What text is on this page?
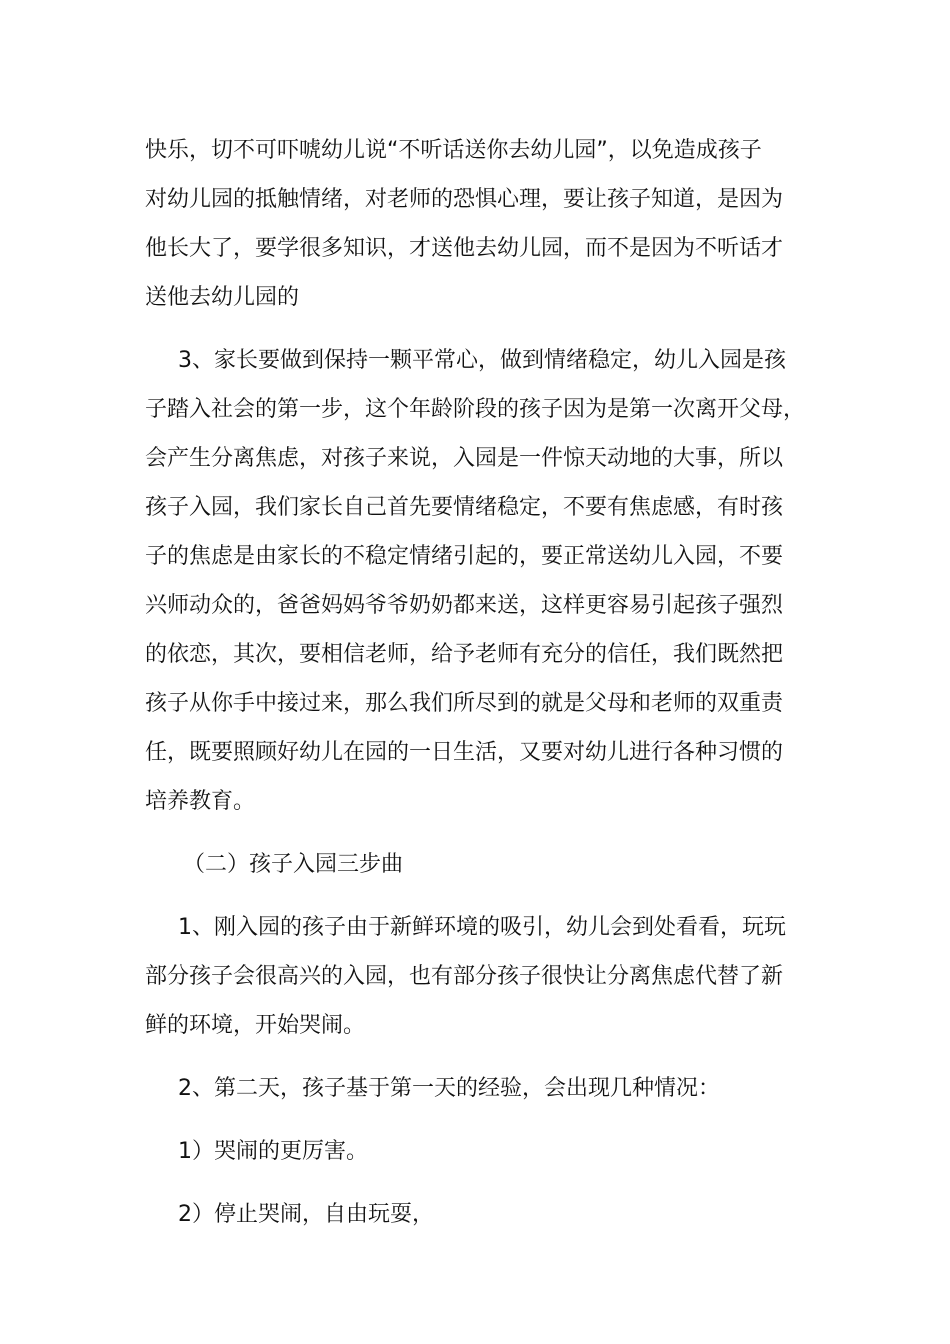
快乐，切不可吓唬幼儿说“不听话送你去幼儿园”，以免造成孩子
对幼儿园的抵触情绪，对老师的恐惧心理，要让孩子知道，是因为
他长大了，要学很多知识，才送他去幼儿园，而不是因为不听话才
送他去幼儿园的
3、家长要做到保持一颗平常心，做到情绪稳定，幼儿入园是孩
子踏入社会的第一步，这个年龄阶段的孩子因为是第一次离开父母，
会产生分离焦虑，对孩子来说，入园是一件惊天动地的大事，所以
孩子入园，我们家长自己首先要情绪稳定，不要有焦虑感，有时孩
子的焦虑是由家长的不稳定情绪引起的，要正常送幼儿入园，不要
兴师动众的，爸爸妈妈爷爷奶奶都来送，这样更容易引起孩子强烈
的依恋，其次，要相信老师，给予老师有充分的信任，我们既然把
孩子从你手中接过来，那么我们所尽到的就是父母和老师的双重责
任，既要照顾好幼儿在园的一日生活，又要对幼儿进行各种习惯的
培养教育。
（二）孩子入园三步曲
1、刚入园的孩子由于新鲜环境的吸引，幼儿会到处看看，玩玩
部分孩子会很高兴的入园，也有部分孩子很快让分离焦虑代替了新
鲜的环境，开始哭闹。
2、第二天，孩子基于第一天的经验，会出现几种情况：
1）哭闹的更厉害。
2）停止哭闹，自由玩耍，
